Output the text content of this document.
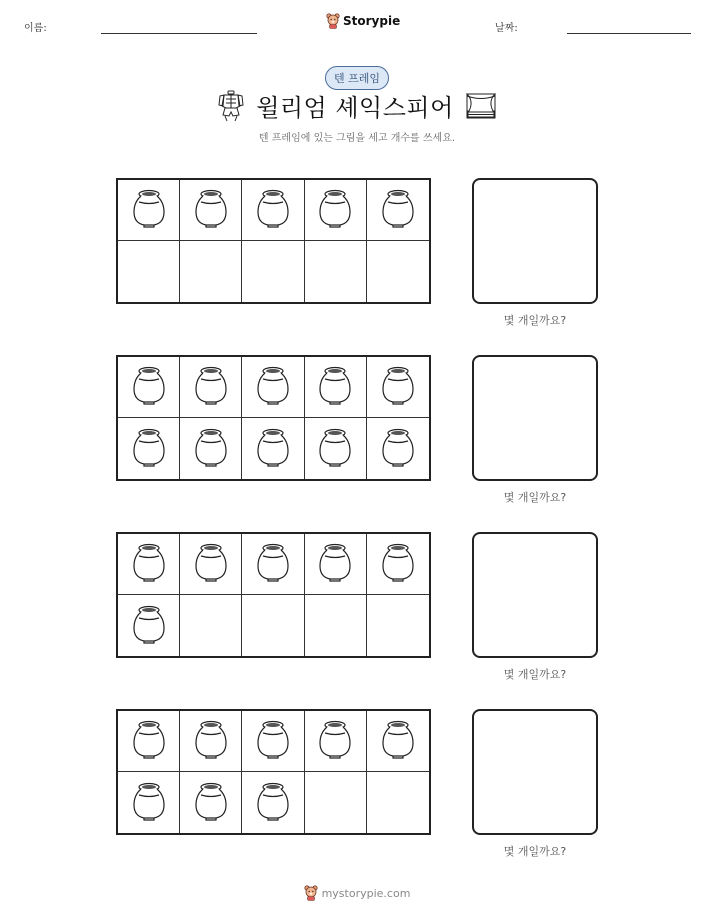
이름:
Storypie
날짜:
텐 프레임
윌리엄 셰익스피어
텐 프레임에 있는 그림을 세고 개수를 쓰세요.
몇 개일까요?
몇 개일까요?
몇 개일까요?
몇 개일까요?
mystorypie.com
